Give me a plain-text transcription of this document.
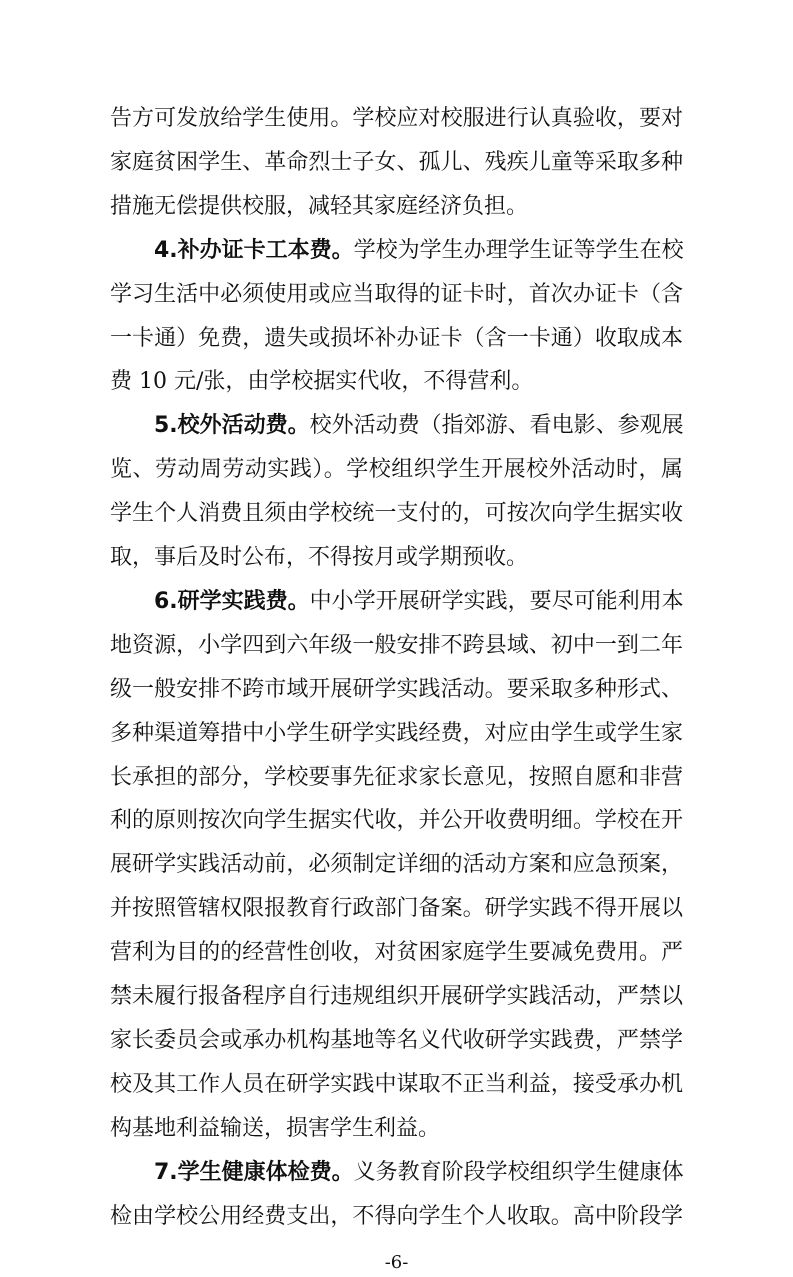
告方可发放给学生使用。学校应对校服进行认真验收，要对
家庭贫困学生、革命烈士子女、孤儿、残疾儿童等采取多种
措施无偿提供校服，减轻其家庭经济负担。
4.补办证卡工本费。学校为学生办理学生证等学生在校
学习生活中必须使用或应当取得的证卡时，首次办证卡（含
一卡通）免费，遗失或损坏补办证卡（含一卡通）收取成本
费 10 元/张，由学校据实代收，不得营利。
5.校外活动费。校外活动费（指郊游、看电影、参观展
览、劳动周劳动实践）。学校组织学生开展校外活动时，属
学生个人消费且须由学校统一支付的，可按次向学生据实收
取，事后及时公布，不得按月或学期预收。
6.研学实践费。中小学开展研学实践，要尽可能利用本
地资源，小学四到六年级一般安排不跨县域、初中一到二年
级一般安排不跨市域开展研学实践活动。要采取多种形式、
多种渠道筹措中小学生研学实践经费，对应由学生或学生家
长承担的部分，学校要事先征求家长意见，按照自愿和非营
利的原则按次向学生据实代收，并公开收费明细。学校在开
展研学实践活动前，必须制定详细的活动方案和应急预案，
并按照管辖权限报教育行政部门备案。研学实践不得开展以
营利为目的的经营性创收，对贫困家庭学生要减免费用。严
禁未履行报备程序自行违规组织开展研学实践活动，严禁以
家长委员会或承办机构基地等名义代收研学实践费，严禁学
校及其工作人员在研学实践中谋取不正当利益，接受承办机
构基地利益输送，损害学生利益。
7.学生健康体检费。义务教育阶段学校组织学生健康体
检由学校公用经费支出，不得向学生个人收取。高中阶段学
-6-
